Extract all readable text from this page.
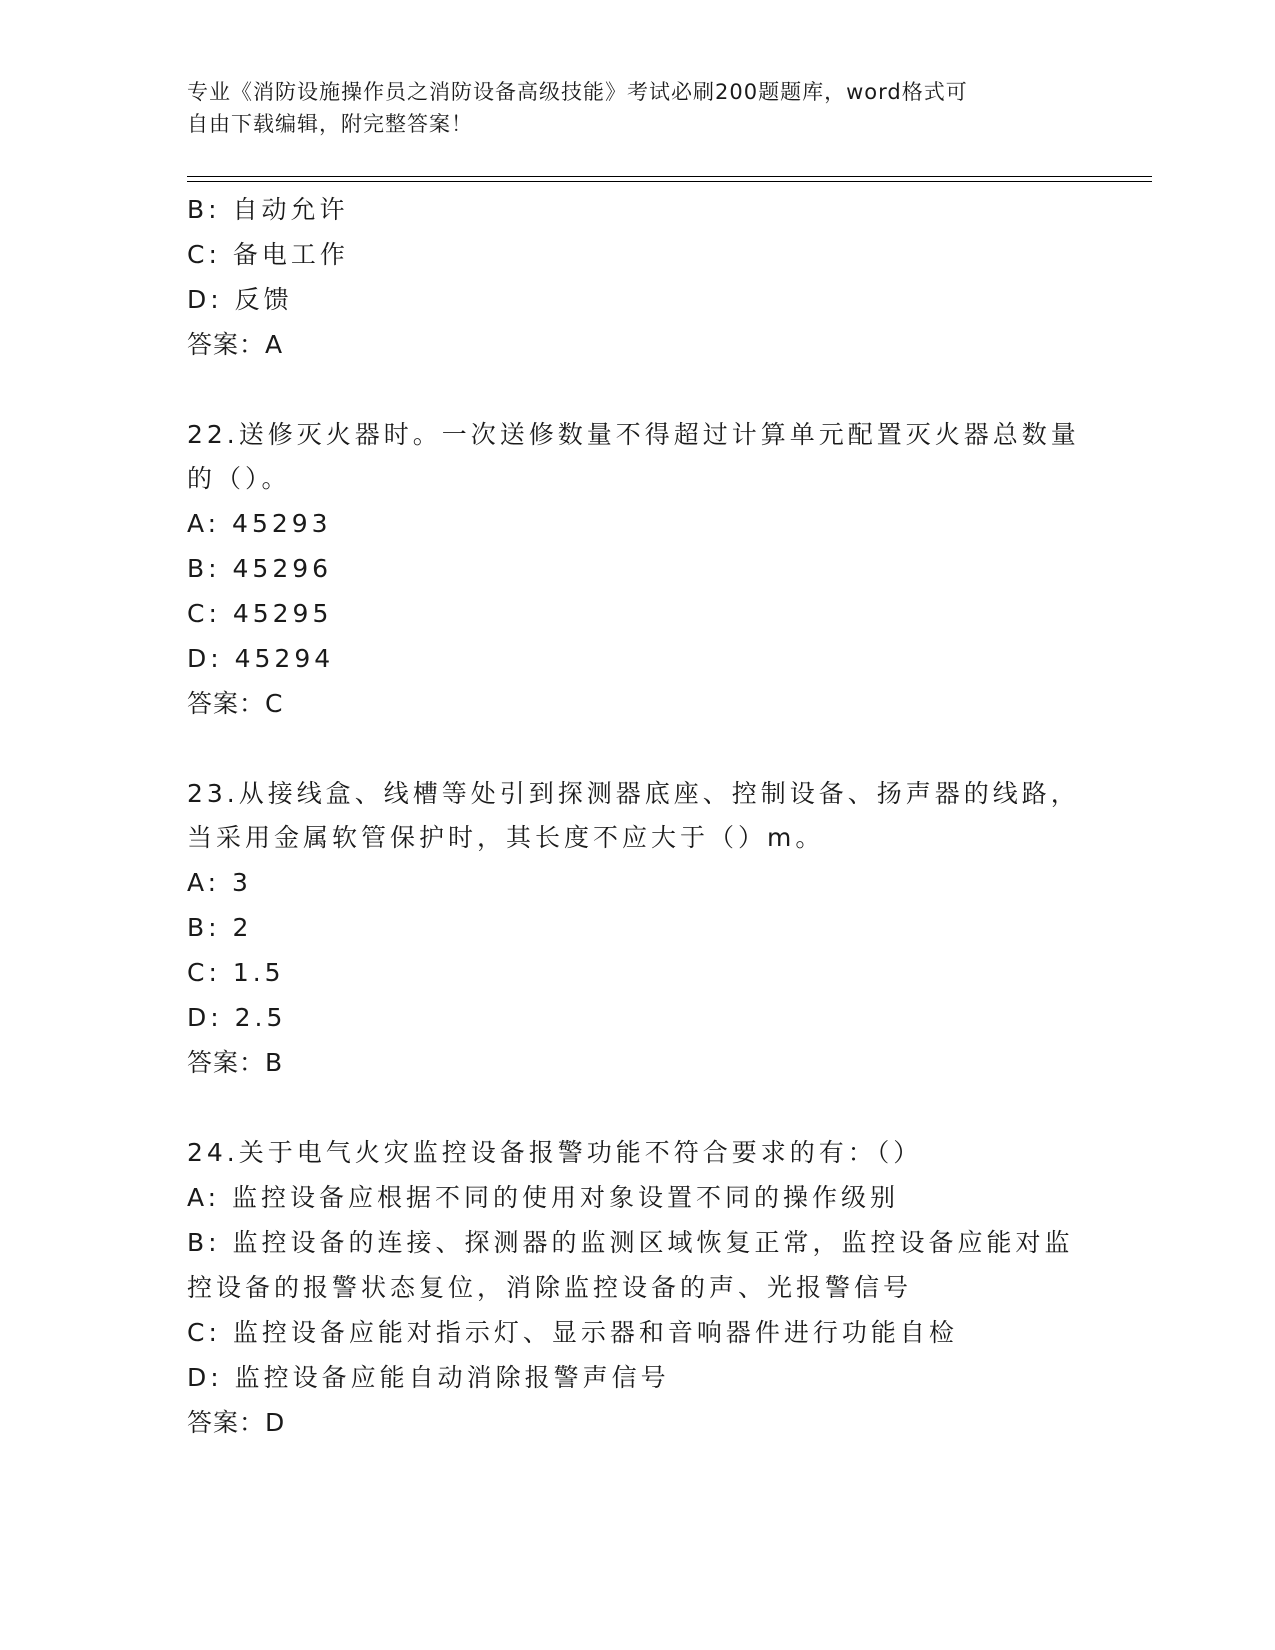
专业《消防设施操作员之消防设备高级技能》考试必刷200题题库，word格式可
自由下载编辑，附完整答案！
B: 自动允许
C: 备电工作
D: 反馈
答案：A
22.送修灭火器时。一次送修数量不得超过计算单元配置灭火器总数量
的（）。
A: 45293
B: 45296
C: 45295
D: 45294
答案：C
23.从接线盒、线槽等处引到探测器底座、控制设备、扬声器的线路，
当采用金属软管保护时，其长度不应大于（）m。
A: 3
B: 2
C: 1.5
D: 2.5
答案：B
24.关于电气火灾监控设备报警功能不符合要求的有：（）
A: 监控设备应根据不同的使用对象设置不同的操作级别
B: 监控设备的连接、探测器的监测区域恢复正常，监控设备应能对监
控设备的报警状态复位，消除监控设备的声、光报警信号
C: 监控设备应能对指示灯、显示器和音响器件进行功能自检
D: 监控设备应能自动消除报警声信号
答案：D
